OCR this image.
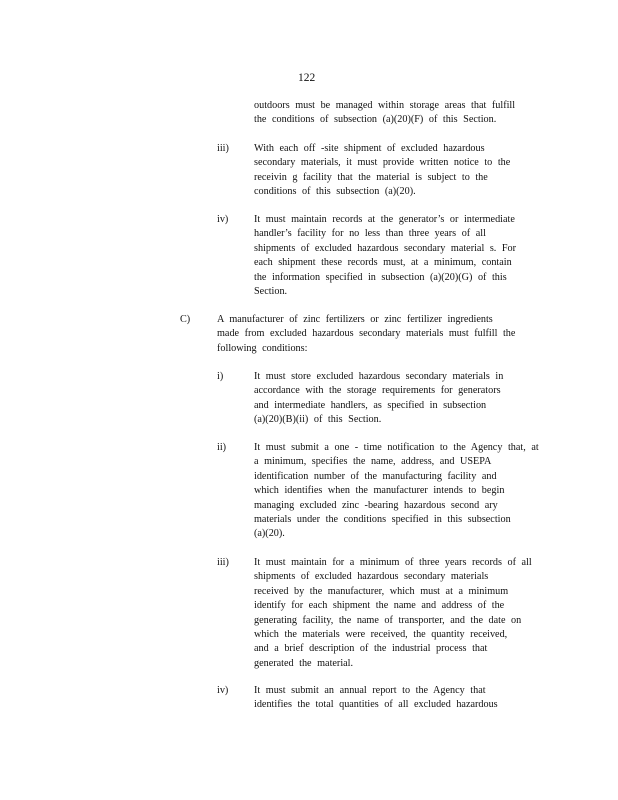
122
outdoors must be managed within storage areas that fulfill
the conditions of subsection (a)(20)(F) of this Section.
iii) With each off -site shipment of excluded hazardous
secondary materials, it must provide written notice to the
receivin g facility that the material is subject to the
conditions of this subsection (a)(20).
iv)	It must maintain records at the generator’s or intermediate
handler’s facility for no less than three years of all
shipments of excluded hazardous secondary material s. For
each shipment these records must, at a minimum, contain
the information specified in subsection (a)(20)(G) of this
Section.
C)	A manufacturer of zinc fertilizers or zinc fertilizer ingredients
made from excluded hazardous secondary materials must fulfill the
following conditions:
i)	It must store excluded hazardous secondary materials in
accordance with the storage requirements for generators
and intermediate handlers, as specified in subsection
(a)(20)(B)(ii) of this Section.
ii)	It must submit a one - time notification to the Agency that, at
a minimum, specifies the name, address, and USEPA
identification number of the manufacturing facility and
which identifies when the manufacturer intends to begin
managing excluded zinc -bearing hazardous second ary
materials under the conditions specified in this subsection
(a)(20).
iii) It must maintain for a minimum of three years records of all
shipments of excluded hazardous secondary materials
received by the manufacturer, which must at a minimum
identify for each shipment the name and address of the
generating facility, the name of transporter, and the date on
which the materials were received, the quantity received,
and a brief description of the industrial process that
generated the material.
iv)	It must submit an annual report to the Agency that
identifies the total quantities of all excluded hazardous
